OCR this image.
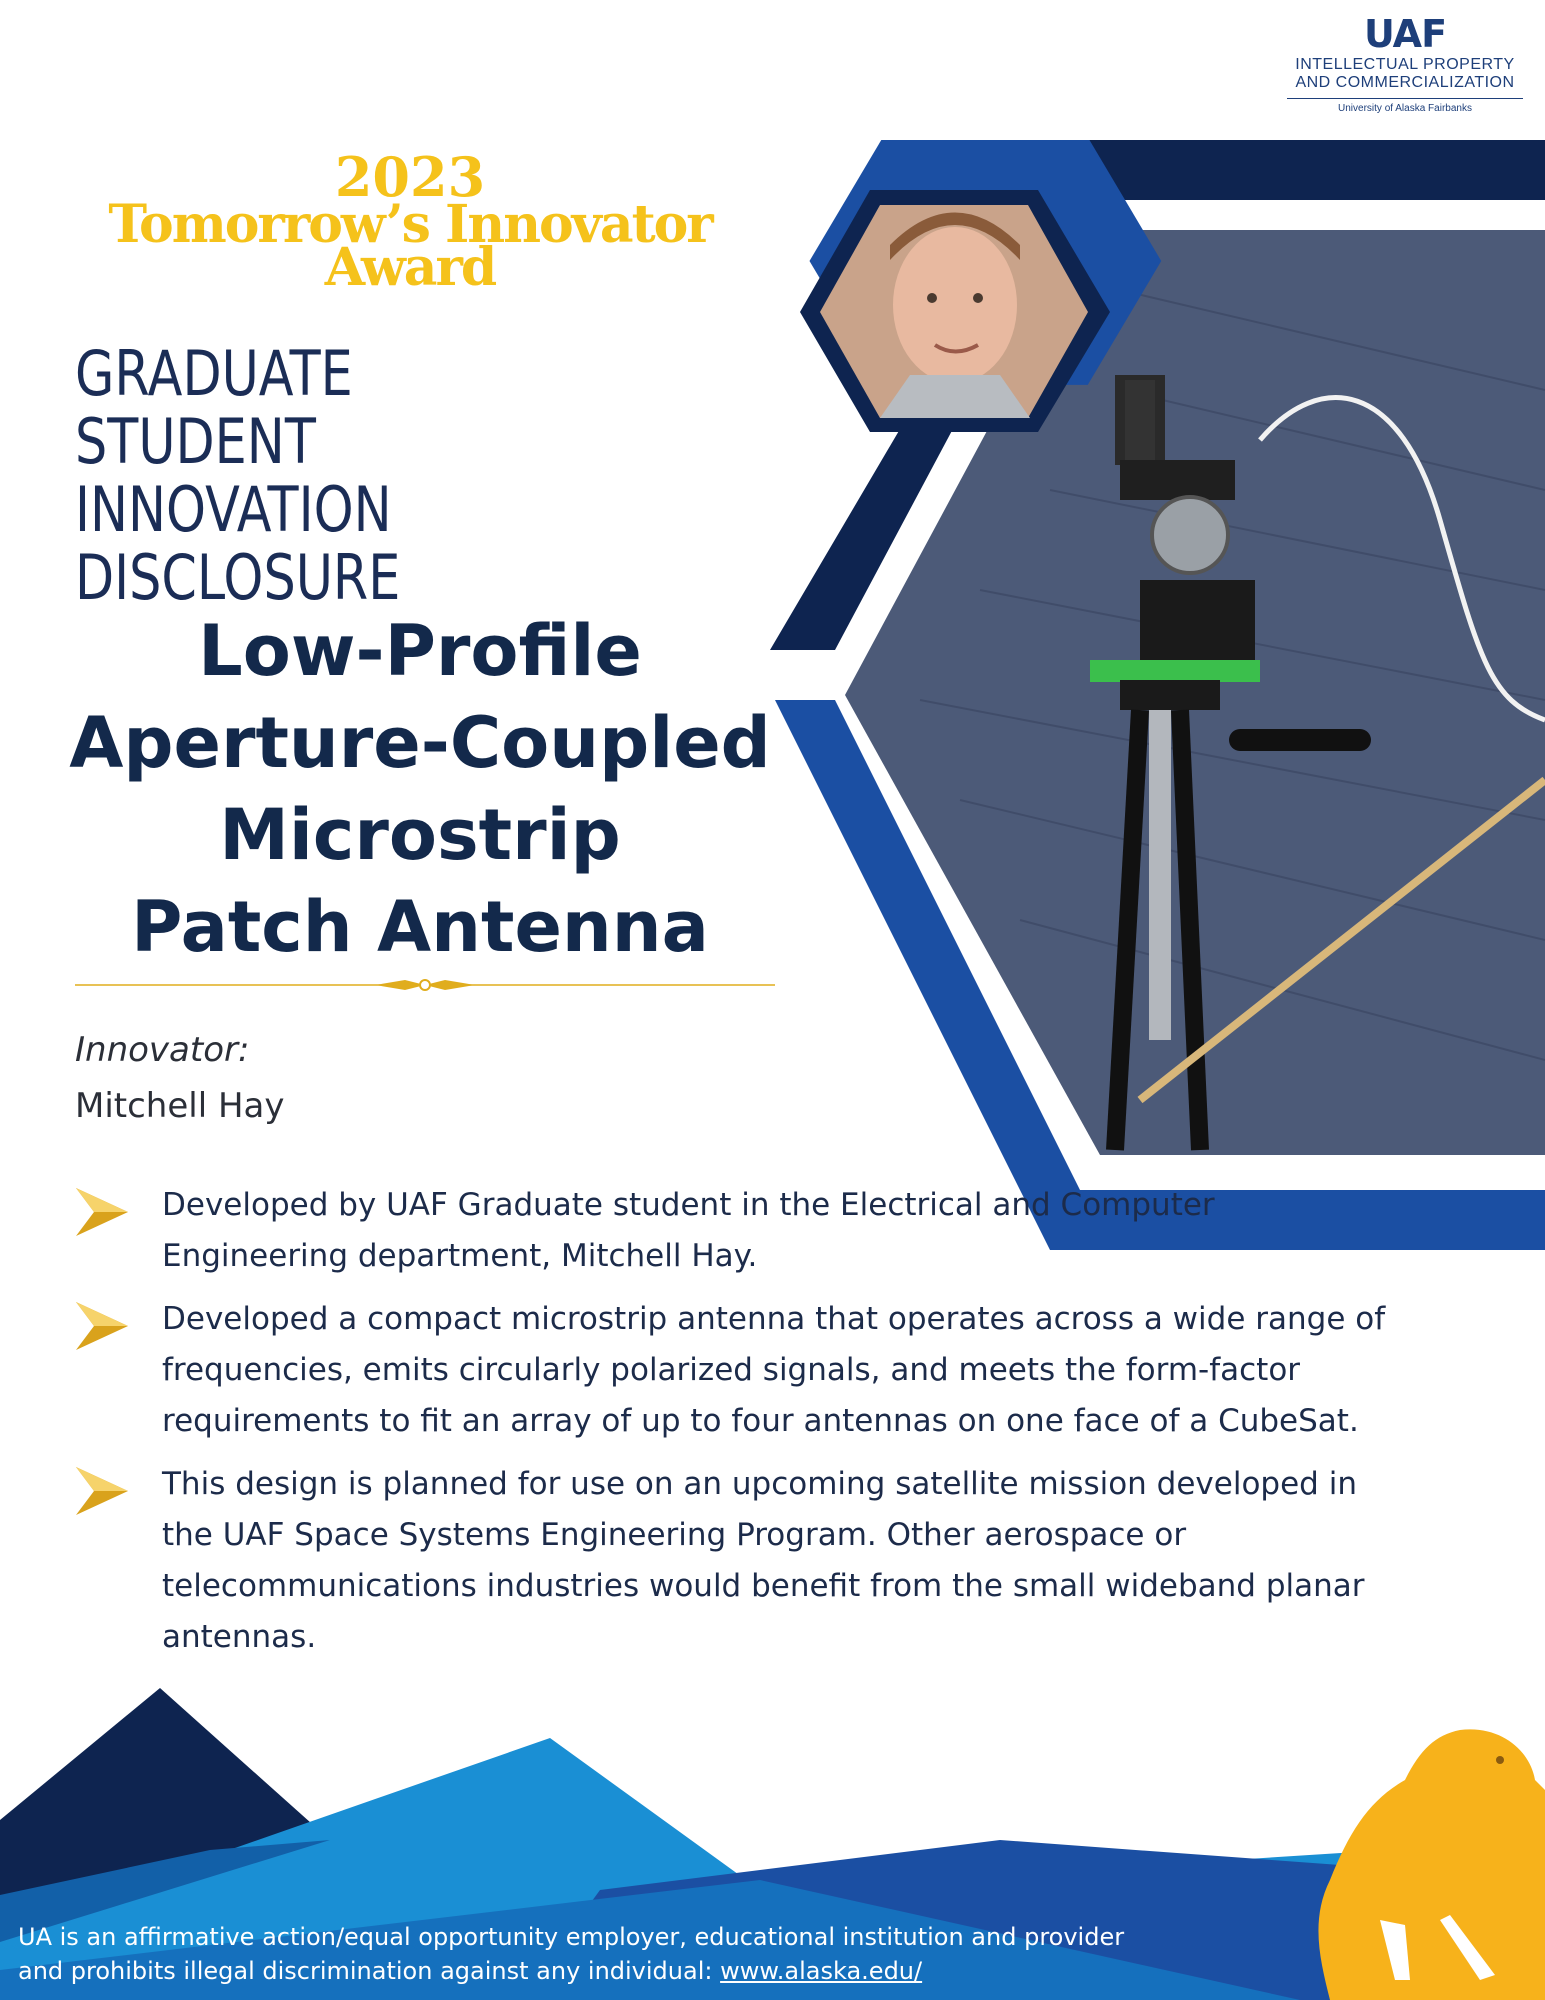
UAF
INTELLECTUAL PROPERTY
AND COMMERCIALIZATION
University of Alaska Fairbanks
2023
Tomorrow’s Innovator
Award
GRADUATE
STUDENT INNOVATION
DISCLOSURE
Low-Profile
Aperture-Coupled
Microstrip
Patch Antenna
Innovator:
Mitchell Hay
Developed by UAF Graduate student in the Electrical and Computer Engineering department, Mitchell Hay.
Developed a compact microstrip antenna that operates across a wide range of frequencies, emits circularly polarized signals, and meets the form-factor requirements to fit an array of up to four antennas on one face of a CubeSat.
This design is planned for use on an upcoming satellite mission developed in the UAF Space Systems Engineering Program. Other aerospace or telecommunications industries would benefit from the small wideband planar antennas.
UA is an affirmative action/equal opportunity employer, educational institution and provider
and prohibits illegal discrimination against any individual: www.alaska.edu/
